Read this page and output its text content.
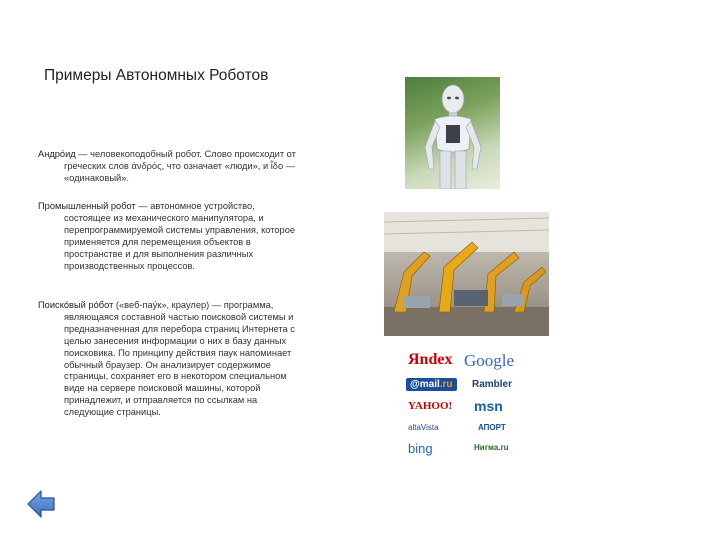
Примеры Автономных Роботов
Андро́ид — человекоподобный робот. Слово происходит от греческих слов ἀνδρός, что означает «люди», и ἶδο — «одинаковый».
Промышленный робот — автономное устройство, состоящее из механического манипулятора, и перепрограммируемой системы управления, которое применяется для перемещения объектов в пространстве и для выполнения различных производственных процессов.
Поиско́вый ро́бот («веб-пау́к», краулер) — программа, являющаяся составной частью поисковой системы и предназначенная для перебора страниц Интернета с целью занесения информации о них в базу данных поисковика. По принципу действия паук напоминает обычный браузер. Он анализирует содержимое страницы, сохраняет его в некотором специальном виде на сервере поисковой машины, которой принадлежит, и отправляется по ссылкам на следующие страницы.
Яndex Google
@mail.ru	Rambler
YAHOO! msn
altaVista	АПОРТ
bing	Нигма.ru
